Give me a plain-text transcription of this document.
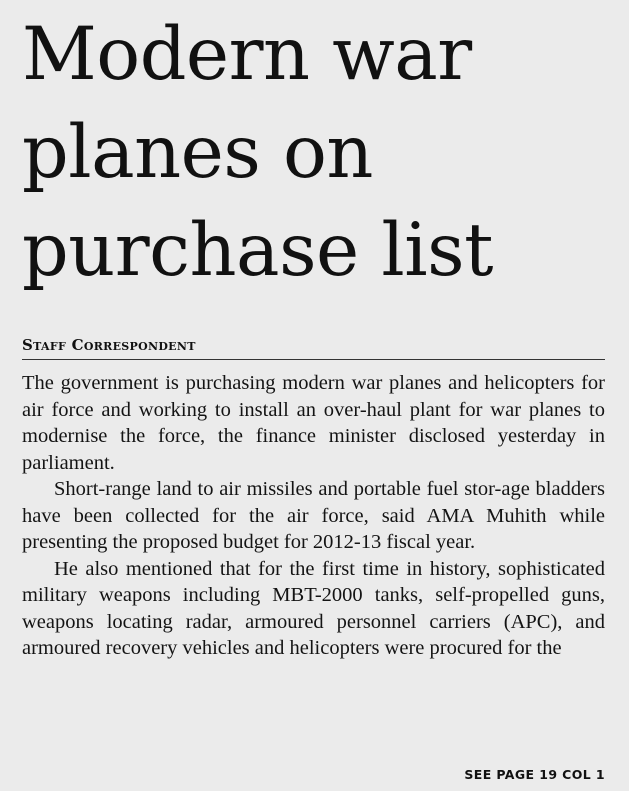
Modern war
planes on
purchase list
Staff Correspondent

The government is purchasing modern war planes and helicopters for air force and working to install an over-haul plant for war planes to modernise the force, the finance minister disclosed yesterday in parliament.

Short-range land to air missiles and portable fuel stor-age bladders have been collected for the air force, said AMA Muhith while presenting the proposed budget for 2012-13 fiscal year.

He also mentioned that for the first time in history, sophisticated military weapons including MBT-2000 tanks, self-propelled guns, weapons locating radar, armoured personnel carriers (APC), and armoured recovery vehicles and helicopters were procured for the

SEE PAGE 19 COL 1
